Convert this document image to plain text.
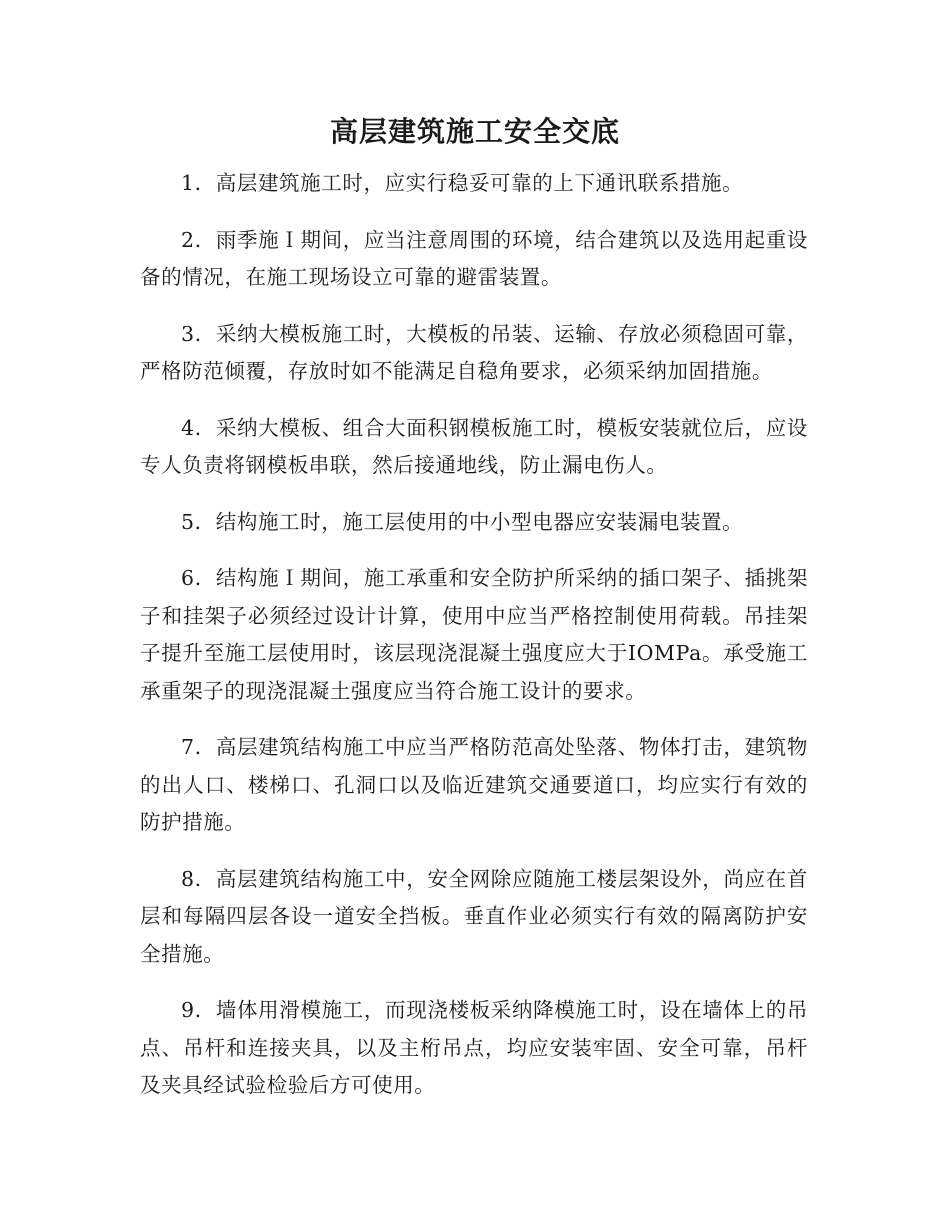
高层建筑施工安全交底

1．高层建筑施工时，应实行稳妥可靠的上下通讯联系措施。

2．雨季施Ｉ期间，应当注意周围的环境，结合建筑以及选用起重设备的情况，在施工现场设立可靠的避雷装置。

3．采纳大模板施工时，大模板的吊装、运输、存放必须稳固可靠，严格防范倾覆，存放时如不能满足自稳角要求，必须采纳加固措施。

4．采纳大模板、组合大面积钢模板施工时，模板安装就位后，应设专人负责将钢模板串联，然后接通地线，防止漏电伤人。

5．结构施工时，施工层使用的中小型电器应安装漏电装置。

6．结构施Ｉ期间，施工承重和安全防护所采纳的插口架子、插挑架子和挂架子必须经过设计计算，使用中应当严格控制使用荷载。吊挂架子提升至施工层使用时，该层现浇混凝土强度应大于IOMPa。承受施工承重架子的现浇混凝土强度应当符合施工设计的要求。

7．高层建筑结构施工中应当严格防范高处坠落、物体打击，建筑物的出人口、楼梯口、孔洞口以及临近建筑交通要道口，均应实行有效的防护措施。

8．高层建筑结构施工中，安全网除应随施工楼层架设外，尚应在首层和每隔四层各设一道安全挡板。垂直作业必须实行有效的隔离防护安全措施。

9．墙体用滑模施工，而现浇楼板采纳降模施工时，设在墙体上的吊点、吊杆和连接夹具，以及主桁吊点，均应安装牢固、安全可靠，吊杆及夹具经试验检验后方可使用。
